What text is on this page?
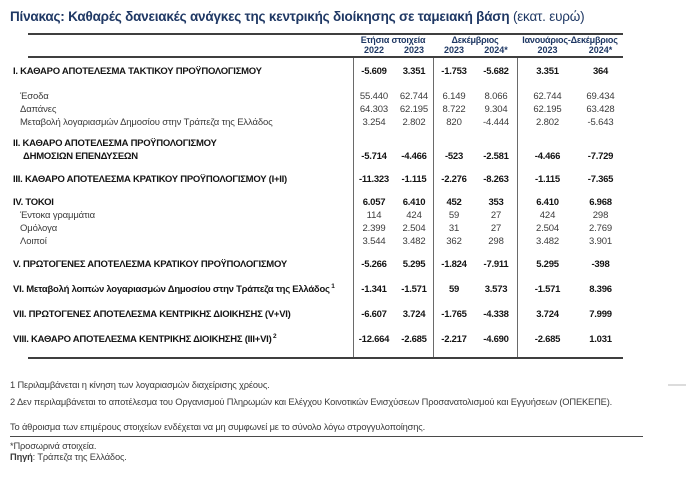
Πίνακας: Καθαρές δανειακές ανάγκες της κεντρικής διοίκησης σε ταμειακή βάση (εκατ. ευρώ)
Ετήσια στοιχεία	Δεκέμβριος	Ιανουάριος-Δεκέμβριος
2022	2023	2023	2024*	2023	2024*
Ι. ΚΑΘΑΡΟ ΑΠΟΤΕΛΕΣΜΑ ΤΑΚΤΙΚΟΥ ΠΡΟΫΠΟΛΟΓΙΣΜΟΥ	-5.609	3.351	-1.753	-5.682	3.351	364
Έσοδα	55.440	62.744	6.149	8.066	62.744	69.434
Δαπάνες	64.303	62.195	8.722	9.304	62.195	63.428
Μεταβολή λογαριασμών Δημοσίου στην Τράπεζα της Ελλάδος	3.254	2.802	820	-4.444	2.802	-5.643
ΙΙ. ΚΑΘΑΡΟ ΑΠΟΤΕΛΕΣΜΑ ΠΡΟΫΠΟΛΟΓΙΣΜΟΥ
ΔΗΜΟΣΙΩΝ ΕΠΕΝΔΥΣΕΩΝ	-5.714	-4.466	-523	-2.581	-4.466	-7.729
ΙΙΙ. ΚΑΘΑΡΟ ΑΠΟΤΕΛΕΣΜΑ ΚΡΑΤΙΚΟΥ ΠΡΟΫΠΟΛΟΓΙΣΜΟΥ (Ι+ΙΙ)	-11.323	-1.115	-2.276	-8.263	-1.115	-7.365
IV. ΤΟΚΟΙ	6.057	6.410	452	353	6.410	6.968
Έντοκα γραμμάτια	114	424	59	27	424	298
Ομόλογα	2.399	2.504	31	27	2.504	2.769
Λοιποί	3.544	3.482	362	298	3.482	3.901
V. ΠΡΩΤΟΓΕΝΕΣ ΑΠΟΤΕΛΕΣΜΑ ΚΡΑΤΙΚΟΥ ΠΡΟΫΠΟΛΟΓΙΣΜΟΥ	-5.266	5.295	-1.824	-7.911	5.295	-398
VI. Μεταβολή λοιπών λογαριασμών Δημοσίου στην Τράπεζα της Ελλάδος $^1$	-1.341	-1.571	59	3.573	-1.571	8.396
VII. ΠΡΩΤΟΓΕΝΕΣ ΑΠΟΤΕΛΕΣΜΑ ΚΕΝΤΡΙΚΗΣ ΔΙΟΙΚΗΣΗΣ (V+VI)	-6.607	3.724	-1.765	-4.338	3.724	7.999
VIII. ΚΑΘΑΡΟ ΑΠΟΤΕΛΕΣΜΑ ΚΕΝΤΡΙΚΗΣ ΔΙΟΙΚΗΣΗΣ (III+VI) $^2$	-12.664	-2.685	-2.217	-4.690	-2.685	1.031
1 Περιλαμβάνεται η κίνηση των λογαριασμών διαχείρισης χρέους.
2 Δεν περιλαμβάνεται το αποτέλεσμα του Οργανισμού Πληρωμών και Ελέγχου Κοινοτικών Ενισχύσεων Προσανατολισμού και Εγγυήσεων (ΟΠΕΚΕΠΕ).
Το άθροισμα των επιμέρους στοιχείων ενδέχεται να μη συμφωνεί με το σύνολο λόγω στρογγυλοποίησης.
*Προσωρινά στοιχεία.
Πηγή: Τράπεζα της Ελλάδος.
